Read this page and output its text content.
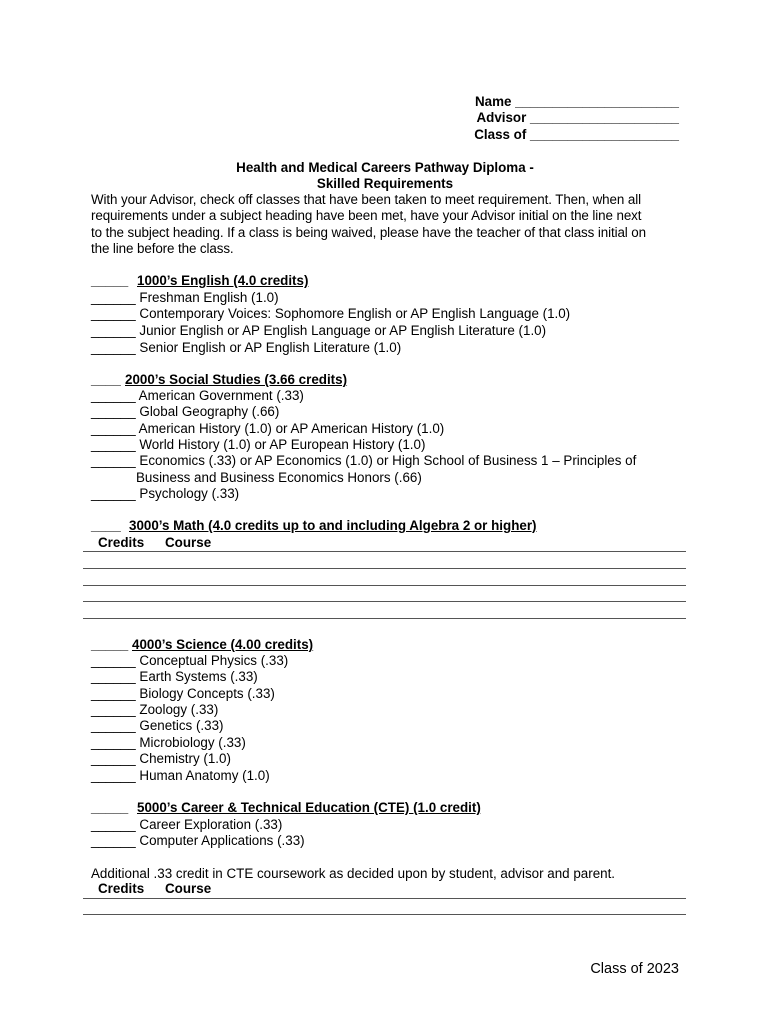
Name ______________________
Advisor ____________________
Class of ____________________
Health and Medical Careers Pathway Diploma -
Skilled Requirements
With your Advisor, check off classes that have been taken to meet requirement. Then, when all
requirements under a subject heading have been met, have your Advisor initial on the line next
to the subject heading. If a class is being waived, please have the teacher of that class initial on
the line before the class.
_____ 1000’s English (4.0 credits)
______ Freshman English (1.0)
______ Contemporary Voices: Sophomore English or AP English Language (1.0)
______ Junior English or AP English Language or AP English Literature (1.0)
______ Senior English or AP English Literature (1.0)
____ 2000’s Social Studies (3.66 credits)
______ American Government (.33)
______ Global Geography (.66)
______ American History (1.0) or AP American History (1.0)
______ World History (1.0) or AP European History (1.0)
______ Economics (.33) or AP Economics (1.0) or High School of Business 1 – Principles of
Business and Business Economics Honors (.66)
______ Psychology (.33)
____ 3000’s Math (4.0 credits up to and including Algebra 2 or higher)
Credits Course
_____ 4000’s Science (4.00 credits)
______ Conceptual Physics (.33)
______ Earth Systems (.33)
______ Biology Concepts (.33)
______ Zoology (.33)
______ Genetics (.33)
______ Microbiology (.33)
______ Chemistry (1.0)
______ Human Anatomy (1.0)
_____ 5000’s Career & Technical Education (CTE) (1.0 credit)
______ Career Exploration (.33)
______ Computer Applications (.33)
Additional .33 credit in CTE coursework as decided upon by student, advisor and parent.
Credits Course
Class of 2023
